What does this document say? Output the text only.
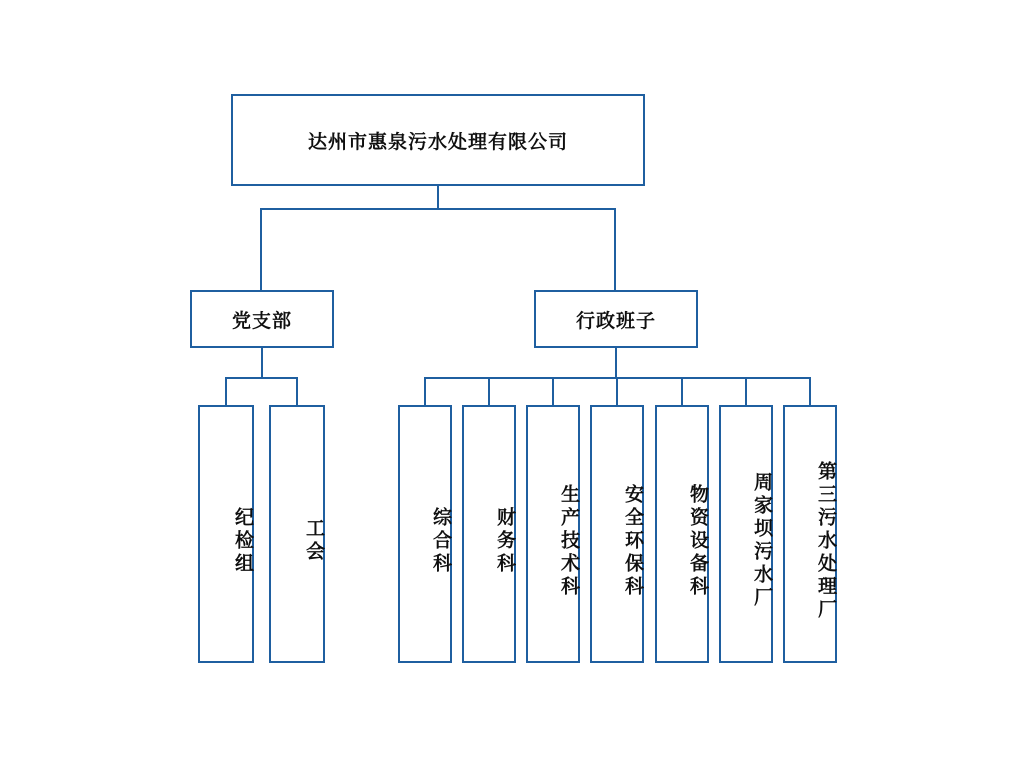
达州市惠泉污水处理有限公司
党支部	行政班子
纪检组	工会	综合科 财务科 生产技术科 安全环保科 物资设备科 周家坝污水厂 第三污水处理厂
